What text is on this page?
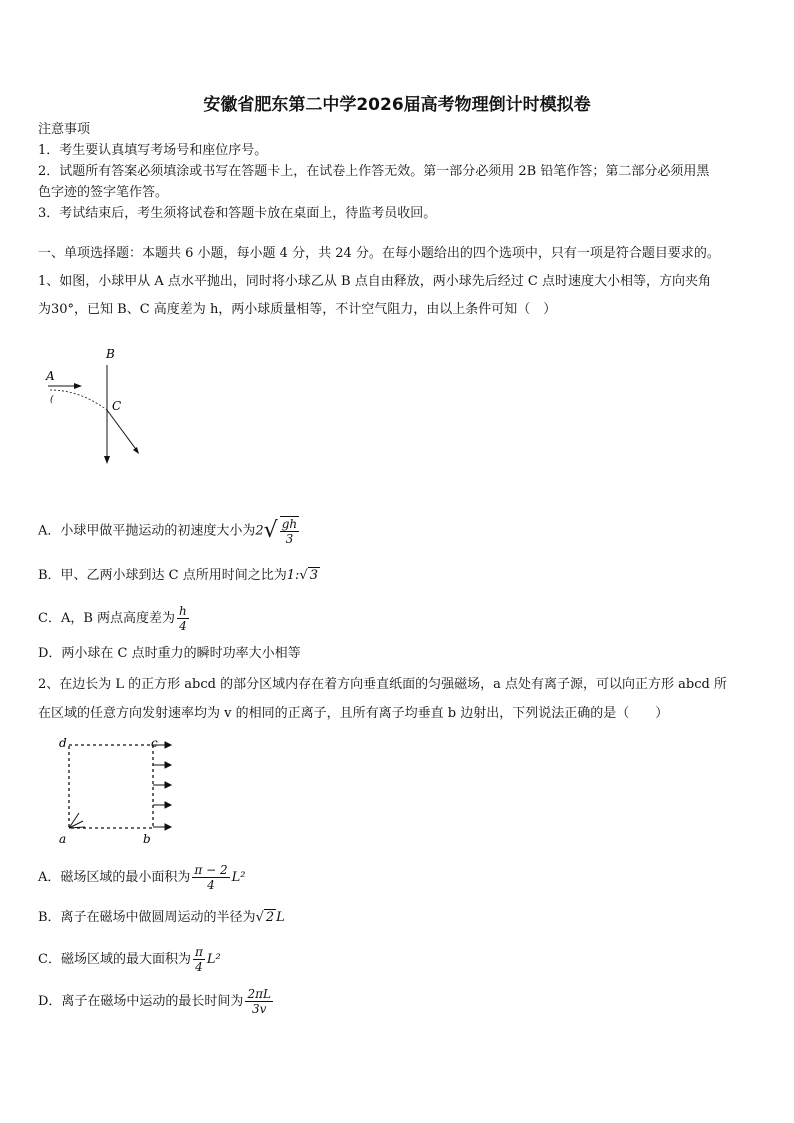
安徽省肥东第二中学2026届高考物理倒计时模拟卷
注意事项
1．考生要认真填写考场号和座位序号。
2．试题所有答案必须填涂或书写在答题卡上，在试卷上作答无效。第一部分必须用 2B 铅笔作答；第二部分必须用黑
色字迹的签字笔作答。
3．考试结束后，考生须将试卷和答题卡放在桌面上，待监考员收回。
一、单项选择题：本题共 6 小题，每小题 4 分，共 24 分。在每小题给出的四个选项中，只有一项是符合题目要求的。
1、如图，小球甲从 A 点水平抛出，同时将小球乙从 B 点自由释放，两小球先后经过 C 点时速度大小相等，方向夹角
为30°，已知 B、C 高度差为 h，两小球质量相等，不计空气阻力，由以上条件可知（　）
B
A
(	C
A．小球甲做平抛运动的初速度大小为$2√ \frac{gh}{3}$
B．甲、乙两小球到达 C 点所用时间之比为1:√ 3
C．A，B 两点高度差为 $\frac{h}{4}$
D．两小球在 C 点时重力的瞬时功率大小相等
2、在边长为 L 的正方形 abcd 的部分区域内存在着方向垂直纸面的匀强磁场，a 点处有离子源，可以向正方形 abcd 所
在区域的任意方向发射速率均为 v 的相同的正离子，且所有离子均垂直 b 边射出，下列说法正确的是（　　）
d	c
a	b
A．磁场区域的最小面积为 $\frac{\pi - 2}{4} L^2$
B．离子在磁场中做圆周运动的半径为√ 2 L
C．磁场区域的最大面积为 $\frac{\pi}{4} L^2$
D．离子在磁场中运动的最长时间为 $\frac{2\pi L}{3v}$
